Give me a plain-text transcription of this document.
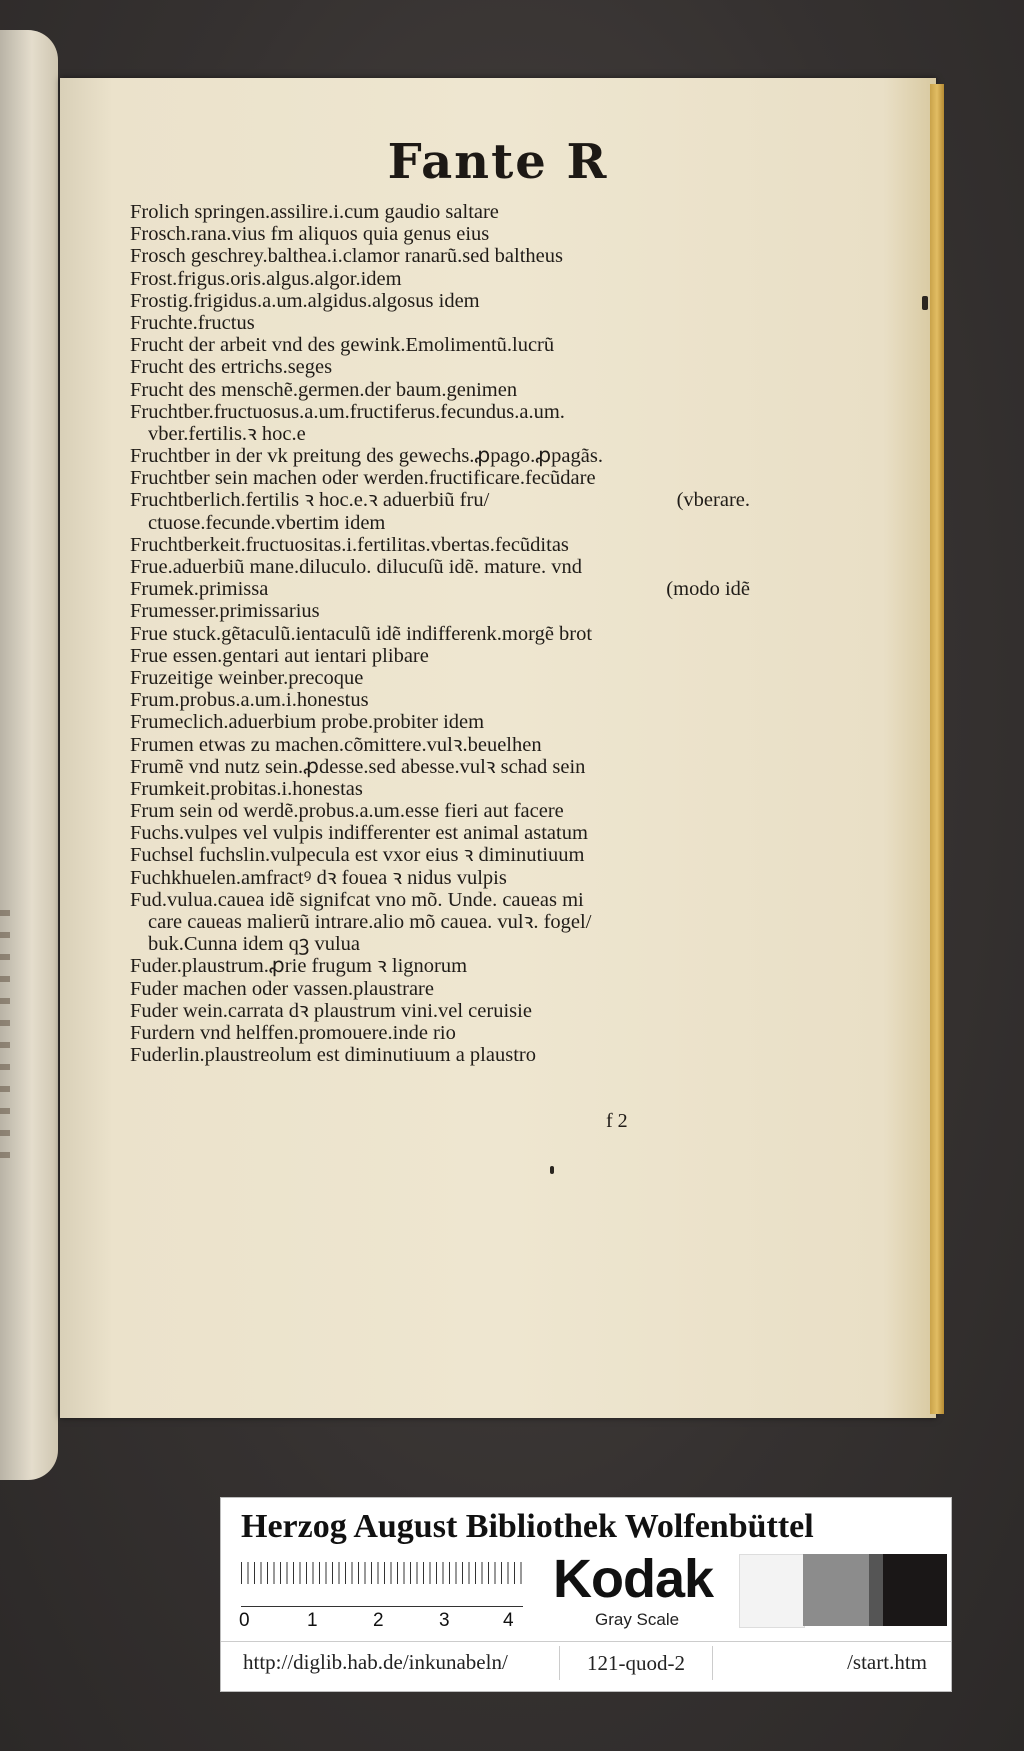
Fante R
Frolich springen.assilire.i.cum gaudio saltare
Frosch.rana.vius fm aliquos quia genus eius
Frosch geschrey.balthea.i.clamor ranarũ.sed baltheus
Frost.frigus.oris.algus.algor.idem
Frostig.frigidus.a.um.algidus.algosus idem
Fruchte.fructus
Frucht der arbeit vnd des gewink.Emolimentũ.lucrũ
Frucht des ertrichs.seges
Frucht des menschẽ.germen.der baum.genimen
Fruchtber.fructuosus.a.um.fructiferus.fecundus.a.um.
vber.fertilis.ꝛ hoc.e
Fruchtber in der vk preitung des gewechs.ꝓpago.ꝓpagãs.
Fruchtber sein machen oder werden.fructificare.fecũdare
Fruchtberlich.fertilis ꝛ hoc.e.ꝛ aduerbiũ fru/	(vberare.
ctuose.fecunde.vbertim idem
Fruchtberkeit.fructuositas.i.fertilitas.vbertas.fecũditas
Frue.aduerbiũ mane.diluculo. dilucuſũ idẽ. mature. vnd
Frumek.primissa	(modo idẽ
Frumesser.primissarius
Frue stuck.gẽtaculũ.ientaculũ idẽ indifferenk.morgẽ brot
Frue essen.gentari aut ientari plibare
Fruzeitige weinber.precoque
Frum.probus.a.um.i.honestus
Frumeclich.aduerbium probe.probiter idem
Frumen etwas zu machen.cõmittere.vulꝛ.beuelhen
Frumẽ vnd nutz sein.ꝓdesse.sed abesse.vulꝛ schad sein
Frumkeit.probitas.i.honestas
Frum sein od werdẽ.probus.a.um.esse fieri aut facere
Fuchs.vulpes vel vulpis indifferenter est animal astatum
Fuchsel fuchslin.vulpecula est vxor eius ꝛ diminutiuum
Fuchkhuelen.amfractꝰ dꝛ fouea ꝛ nidus vulpis
Fud.vulua.cauea idẽ signifcat vno mõ. Unde. caueas mi
care caueas malierũ intrare.alio mõ cauea. vulꝛ. fogel/
buk.Cunna idem qꝫ vulua
Fuder.plaustrum.ꝓrie frugum ꝛ lignorum
Fuder machen oder vassen.plaustrare
Fuder wein.carrata dꝛ plaustrum vini.vel ceruisie
Furdern vnd helffen.promouere.inde rio
Fuderlin.plaustreolum est diminutiuum a plaustro
f 2
Herzog August Bibliothek Wolfenbüttel
0	1	2	3	4
Kodak
Gray Scale
http://diglib.hab.de/inkunabeln/	121-quod-2	/start.htm
